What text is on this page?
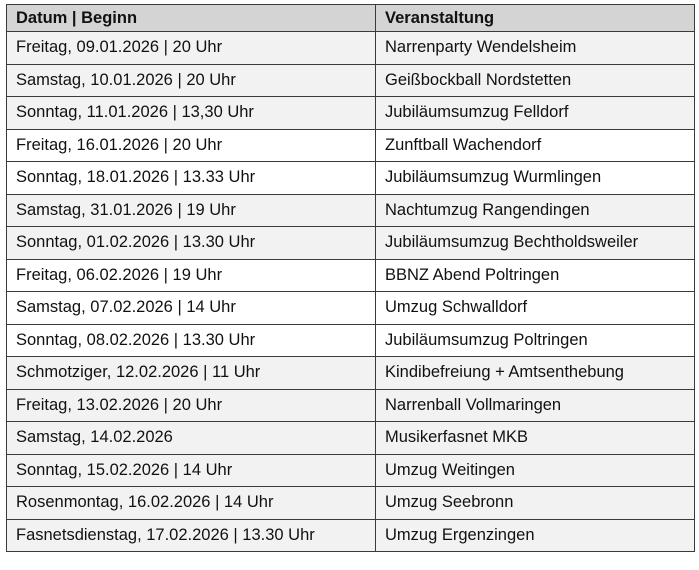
Datum | Beginn	Veranstaltung
Freitag, 09.01.2026 | 20 Uhr	Narrenparty Wendelsheim
Samstag, 10.01.2026 | 20 Uhr	Geißbockball Nordstetten
Sonntag, 11.01.2026 | 13,30 Uhr	Jubiläumsumzug Felldorf
Freitag, 16.01.2026 | 20 Uhr	Zunftball Wachendorf
Sonntag, 18.01.2026 | 13.33 Uhr	Jubiläumsumzug Wurmlingen
Samstag, 31.01.2026 | 19 Uhr	Nachtumzug Rangendingen
Sonntag, 01.02.2026 | 13.30 Uhr	Jubiläumsumzug Bechtholdsweiler
Freitag, 06.02.2026 | 19 Uhr	BBNZ Abend Poltringen
Samstag, 07.02.2026 | 14 Uhr	Umzug Schwalldorf
Sonntag, 08.02.2026 | 13.30 Uhr	Jubiläumsumzug Poltringen
Schmotziger, 12.02.2026 | 11 Uhr	Kindibefreiung + Amtsenthebung
Freitag, 13.02.2026 | 20 Uhr	Narrenball Vollmaringen
Samstag, 14.02.2026	Musikerfasnet MKB
Sonntag, 15.02.2026 | 14 Uhr	Umzug Weitingen
Rosenmontag, 16.02.2026 | 14 Uhr	Umzug Seebronn
Fasnetsdienstag, 17.02.2026 | 13.30 Uhr	Umzug Ergenzingen
